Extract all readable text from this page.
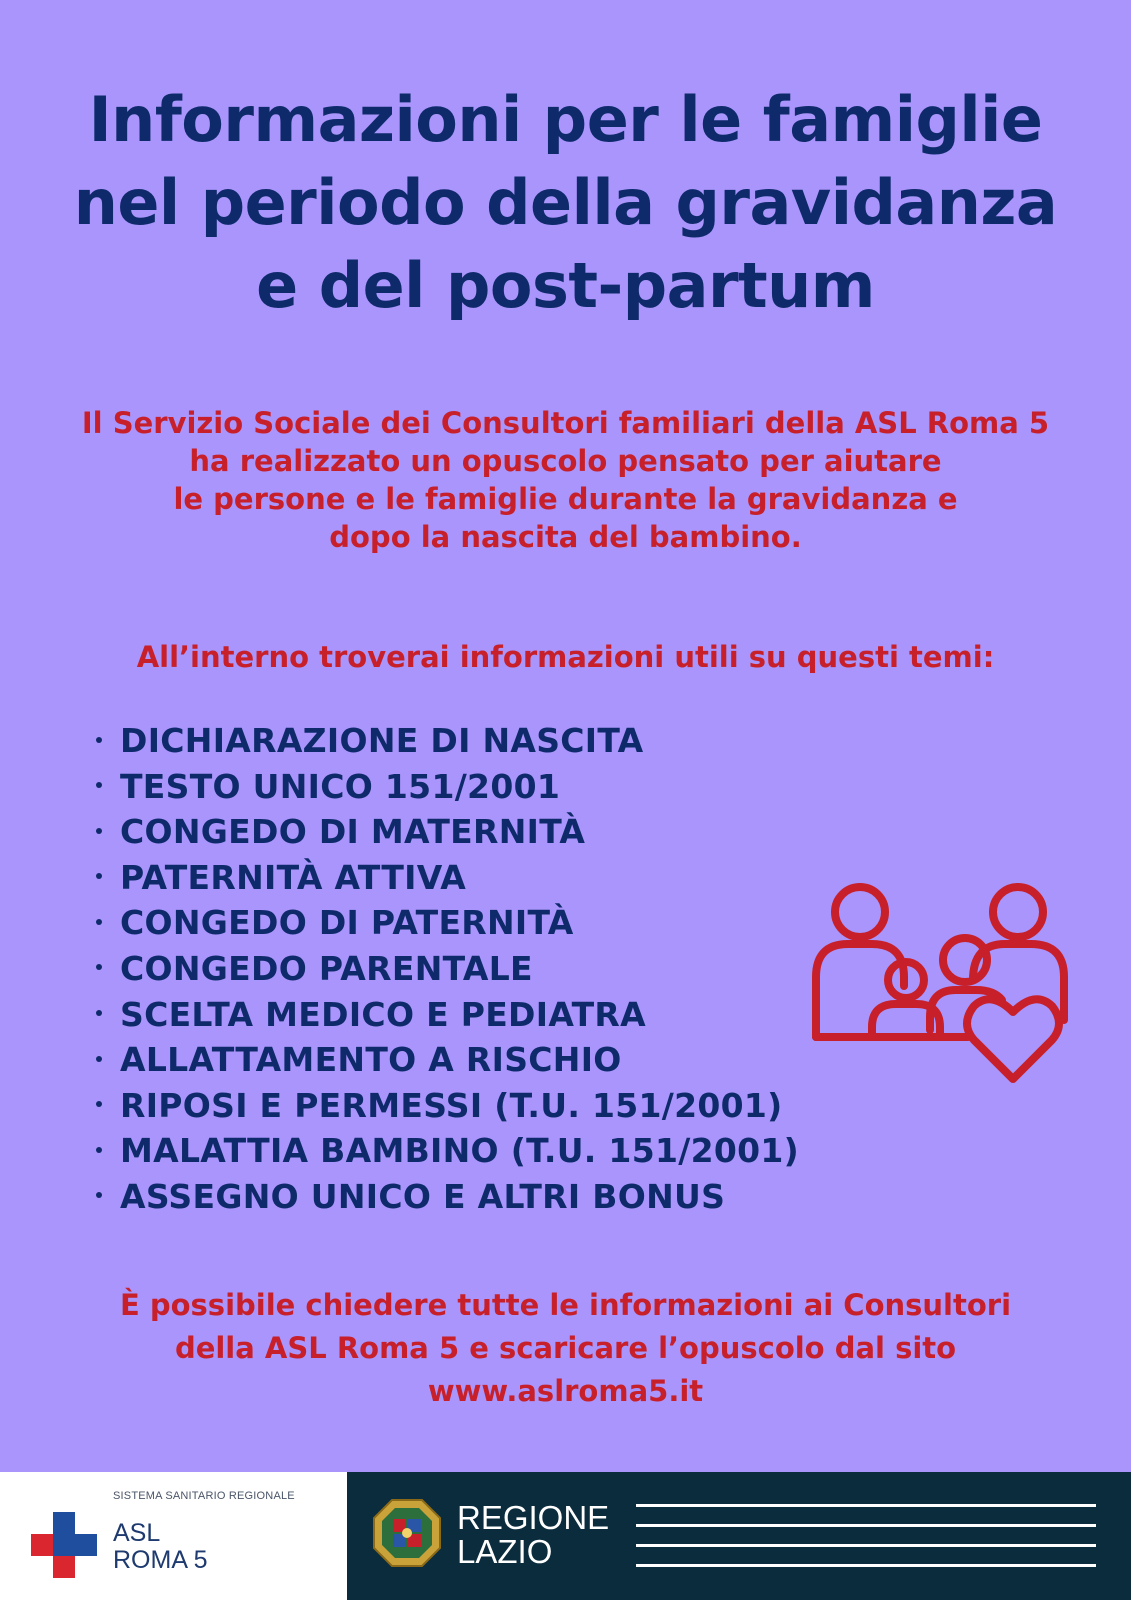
Informazioni per le famiglie
nel periodo della gravidanza
e del post-partum
Il Servizio Sociale dei Consultori familiari della ASL Roma 5
ha realizzato un opuscolo pensato per aiutare
le persone e le famiglie durante la gravidanza e
dopo la nascita del bambino.
All’interno troverai informazioni utili su questi temi:
DICHIARAZIONE DI NASCITA
TESTO UNICO 151/2001
CONGEDO DI MATERNITÀ
PATERNITÀ ATTIVA
CONGEDO DI PATERNITÀ
CONGEDO PARENTALE
SCELTA MEDICO E PEDIATRA
ALLATTAMENTO A RISCHIO
RIPOSI E PERMESSI (T.U. 151/2001)
MALATTIA BAMBINO (T.U. 151/2001)
ASSEGNO UNICO E ALTRI BONUS
È possibile chiedere tutte le informazioni ai Consultori
della ASL Roma 5 e scaricare l’opuscolo dal sito
www.aslroma5.it
SISTEMA SANITARIO REGIONALE
ASL
ROMA 5
REGIONE
LAZIO
